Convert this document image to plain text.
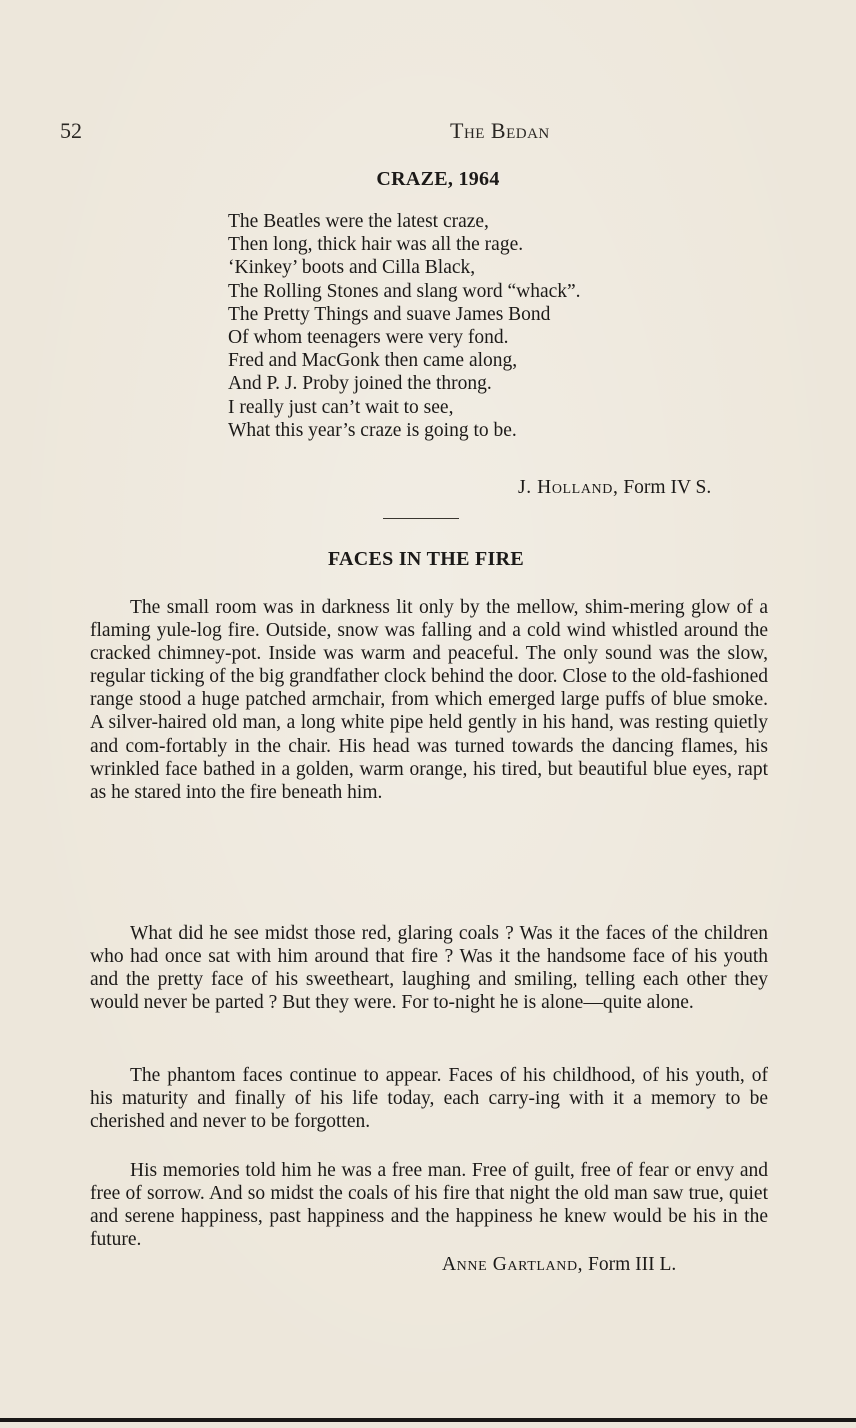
52	The Bedan
CRAZE, 1964
The Beatles were the latest craze,
Then long, thick hair was all the rage.
‘Kinkey’ boots and Cilla Black,
The Rolling Stones and slang word “whack”.
The Pretty Things and suave James Bond
Of whom teenagers were very fond.
Fred and MacGonk then came along,
And P. J. Proby joined the throng.
I really just can’t wait to see,
What this year’s craze is going to be.
J. Holland, Form IV S.
FACES IN THE FIRE

The small room was in darkness lit only by the mellow, shim-mering glow of a flaming yule-log fire. Outside, snow was falling and a cold wind whistled around the cracked chimney-pot. Inside was warm and peaceful. The only sound was the slow, regular ticking of the big grandfather clock behind the door. Close to the old-fashioned range stood a huge patched armchair, from which emerged large puffs of blue smoke. A silver-haired old man, a long white pipe held gently in his hand, was resting quietly and com-fortably in the chair. His head was turned towards the dancing flames, his wrinkled face bathed in a golden, warm orange, his tired, but beautiful blue eyes, rapt as he stared into the fire beneath him.

What did he see midst those red, glaring coals ? Was it the faces of the children who had once sat with him around that fire ? Was it the handsome face of his youth and the pretty face of his sweetheart, laughing and smiling, telling each other they would never be parted ? But they were. For to-night he is alone—quite alone.

The phantom faces continue to appear. Faces of his childhood, of his youth, of his maturity and finally of his life today, each carry-ing with it a memory to be cherished and never to be forgotten.

His memories told him he was a free man. Free of guilt, free of fear or envy and free of sorrow. And so midst the coals of his fire that night the old man saw true, quiet and serene happiness, past happiness and the happiness he knew would be his in the future.

Anne Gartland, Form III L.
